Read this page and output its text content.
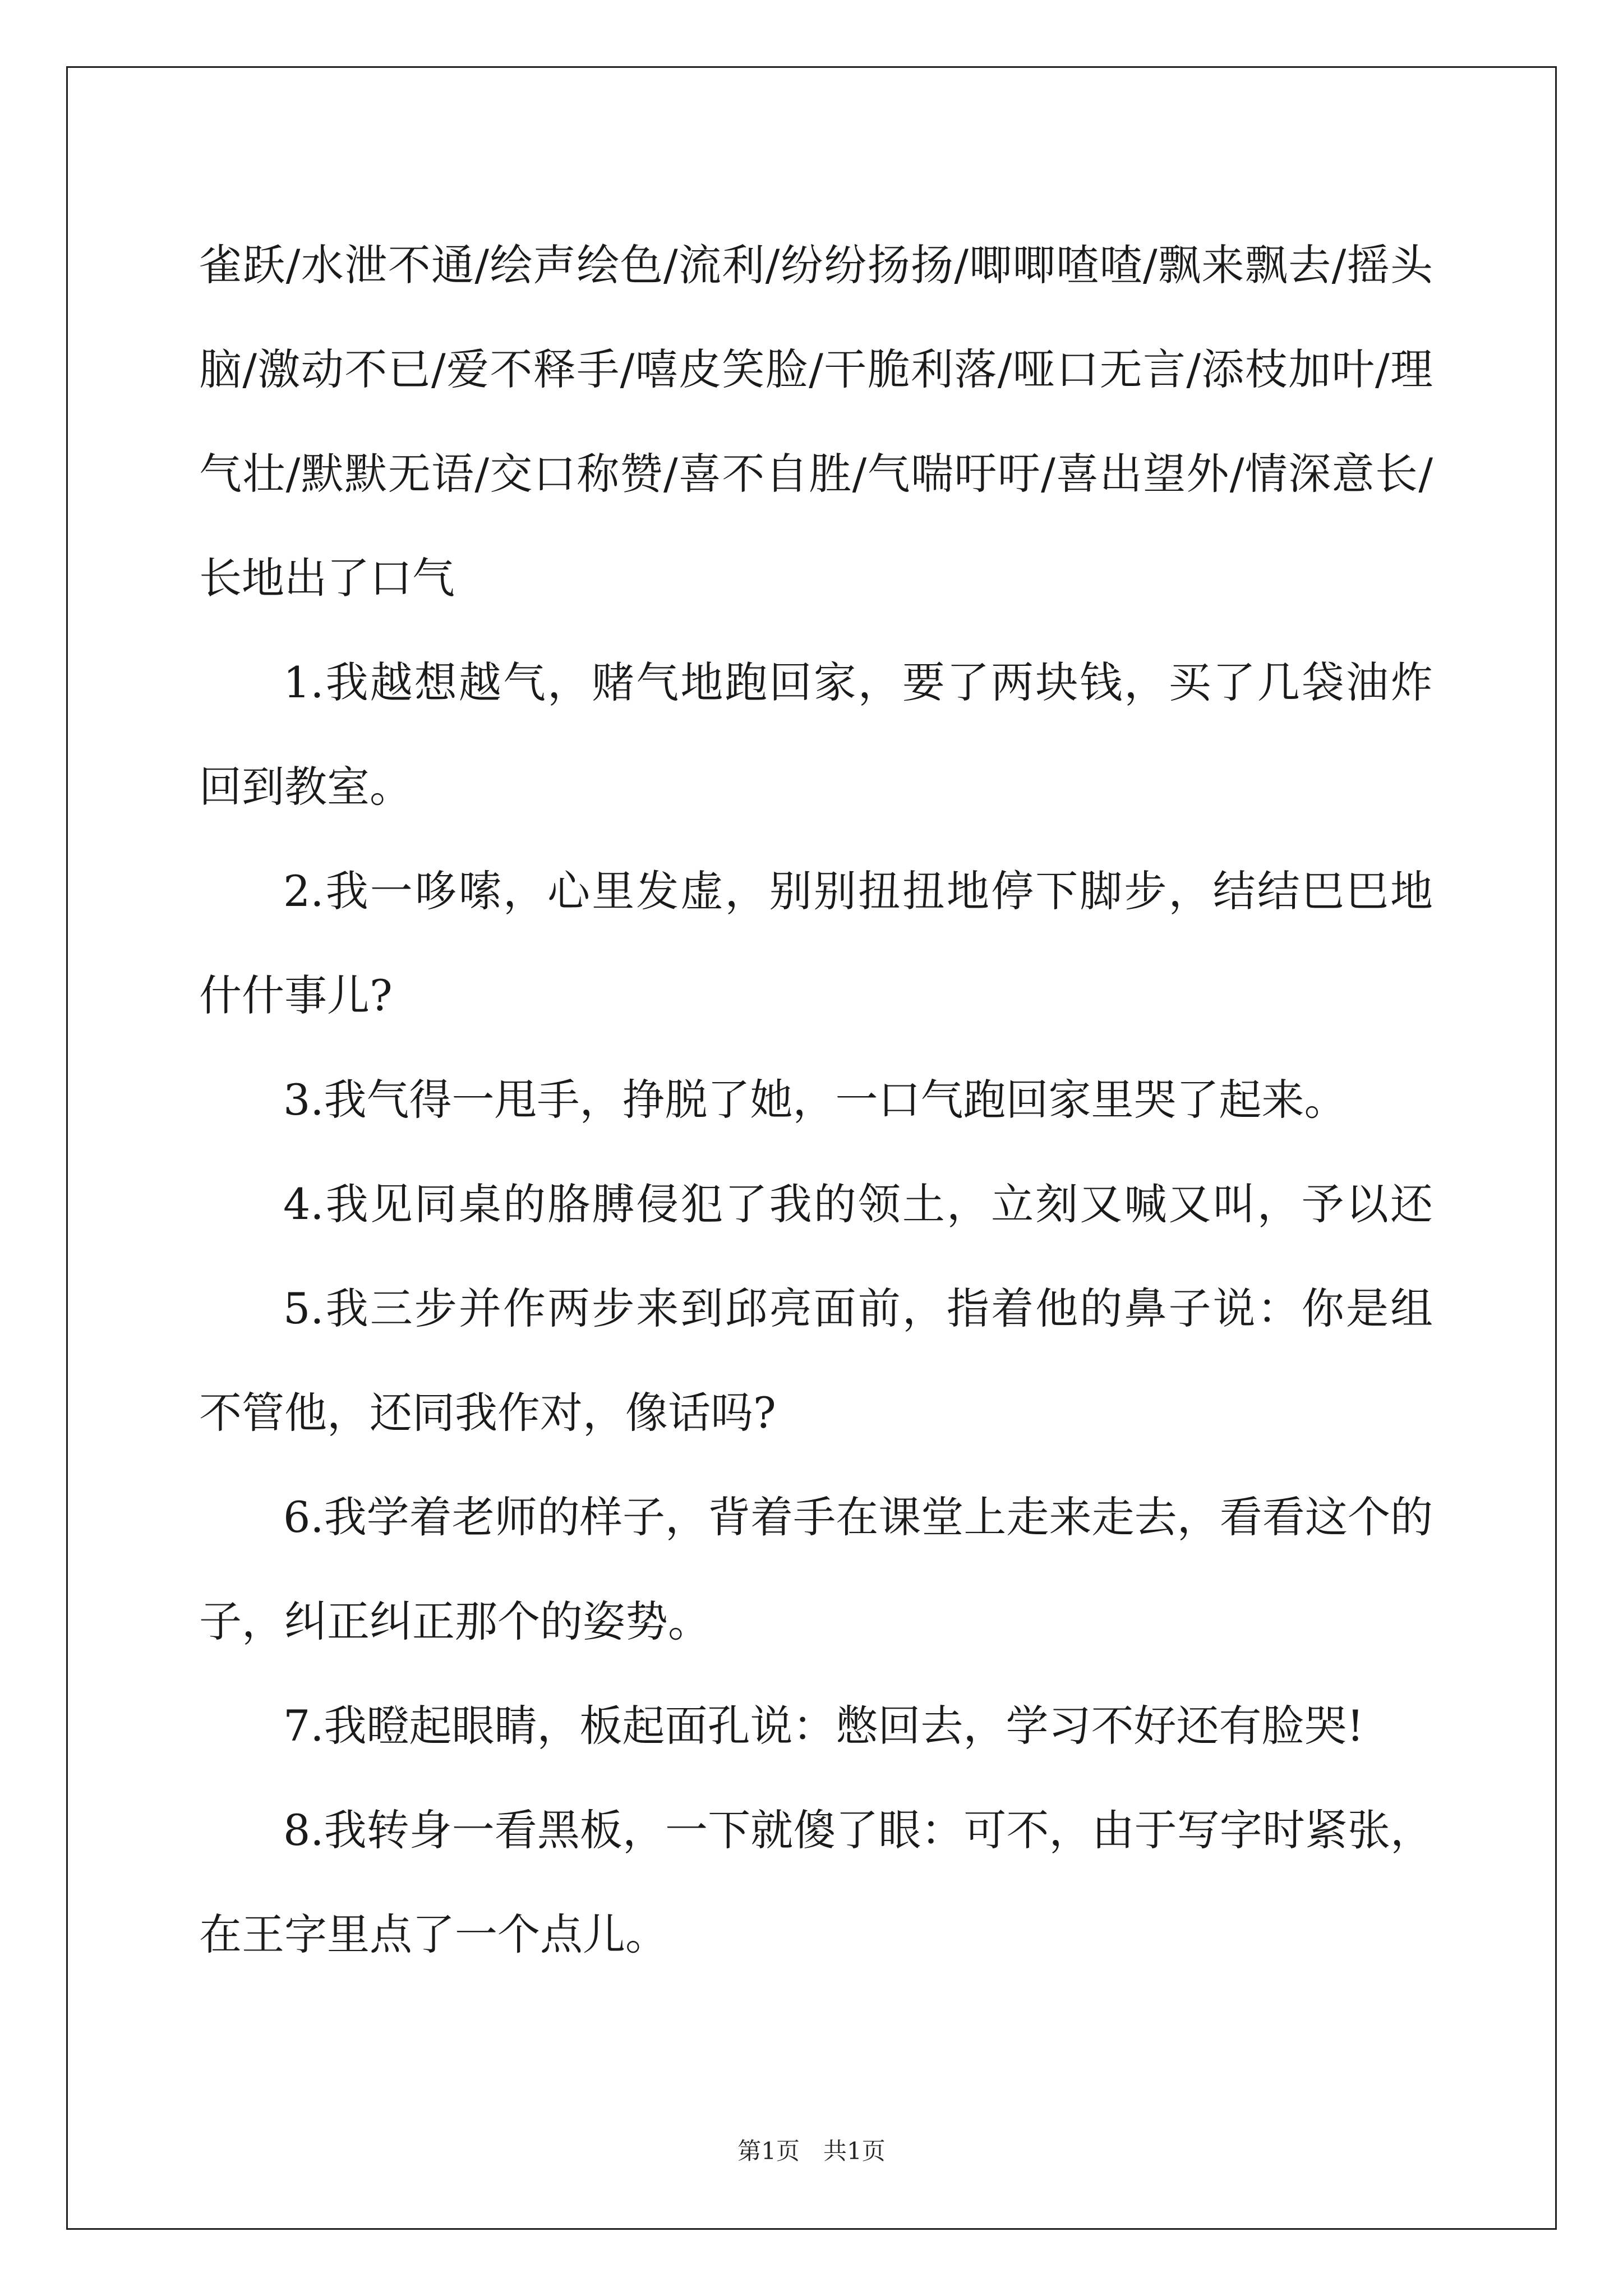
雀跃/水泄不通/绘声绘色/流利/纷纷扬扬/唧唧喳喳/飘来飘去/摇头
脑/激动不已/爱不释手/嘻皮笑脸/干脆利落/哑口无言/添枝加叶/理
气壮/默默无语/交口称赞/喜不自胜/气喘吁吁/喜出望外/情深意长/
长地出了口气
1.我越想越气，赌气地跑回家，要了两块钱，买了几袋油炸
回到教室。
2.我一哆嗦，心里发虚，别别扭扭地停下脚步，结结巴巴地
什什事儿?
3.我气得一甩手，挣脱了她，一口气跑回家里哭了起来。
4.我见同桌的胳膊侵犯了我的领土，立刻又喊又叫，予以还
5.我三步并作两步来到邱亮面前，指着他的鼻子说：你是组
不管他，还同我作对，像话吗?
6.我学着老师的样子，背着手在课堂上走来走去，看看这个的
子，纠正纠正那个的姿势。
7.我瞪起眼睛，板起面孔说：憋回去，学习不好还有脸哭!
8.我转身一看黑板，一下就傻了眼：可不，由于写字时紧张，
在王字里点了一个点儿。
第1页　共1页
